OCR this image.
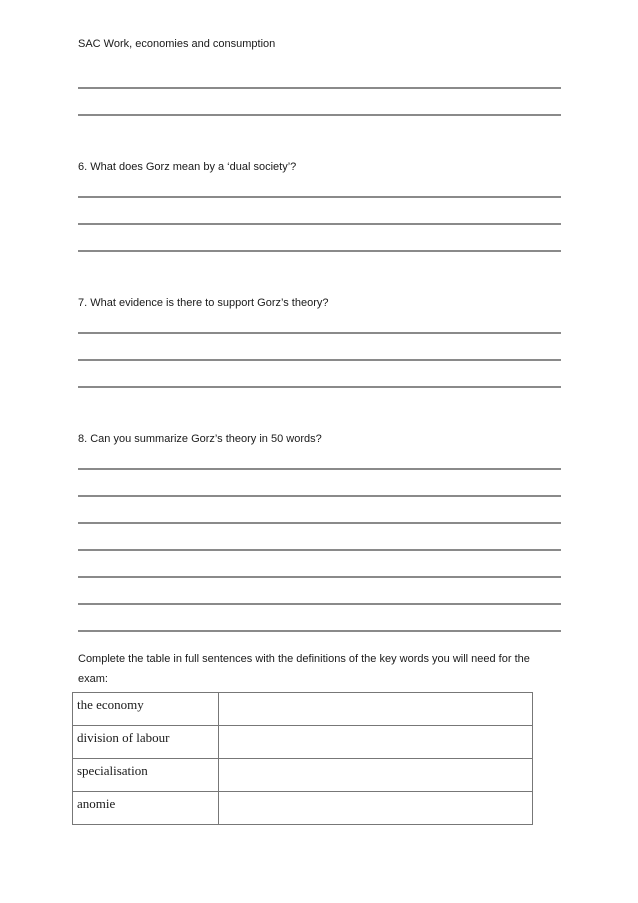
SAC Work, economies and consumption
6. What does Gorz mean by a ‘dual society’?
7. What evidence is there to support Gorz’s theory?
8. Can you summarize Gorz’s theory in 50 words?
Complete the table in full sentences with the definitions of the key words you will need for the exam:
the economy	
division of labour	
specialisation	
anomie	
